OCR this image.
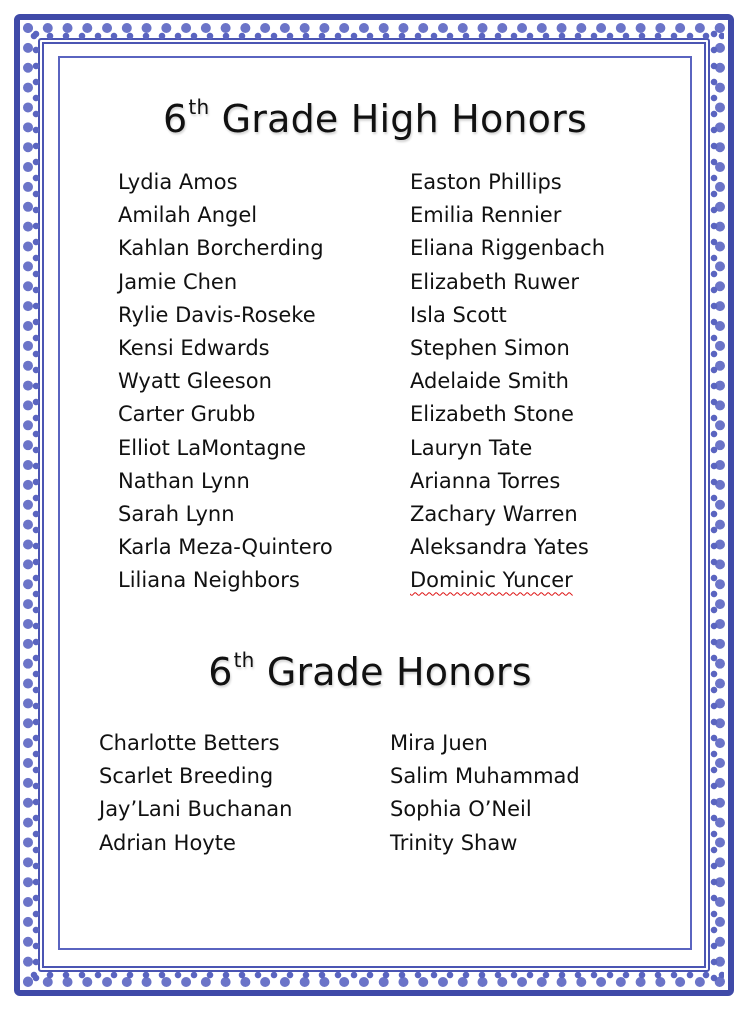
6th Grade High Honors
Lydia Amos
Amilah Angel
Kahlan Borcherding
Jamie Chen
Rylie Davis-Roseke
Kensi Edwards
Wyatt Gleeson
Carter Grubb
Elliot LaMontagne
Nathan Lynn
Sarah Lynn
Karla Meza-Quintero
Liliana Neighbors
Easton Phillips
Emilia Rennier
Eliana Riggenbach
Elizabeth Ruwer
Isla Scott
Stephen Simon
Adelaide Smith
Elizabeth Stone
Lauryn Tate
Arianna Torres
Zachary Warren
Aleksandra Yates
Dominic Yuncer
6th Grade Honors
Charlotte Betters
Scarlet Breeding
Jay’Lani Buchanan
Adrian Hoyte
Mira Juen
Salim Muhammad
Sophia O’Neil
Trinity Shaw
